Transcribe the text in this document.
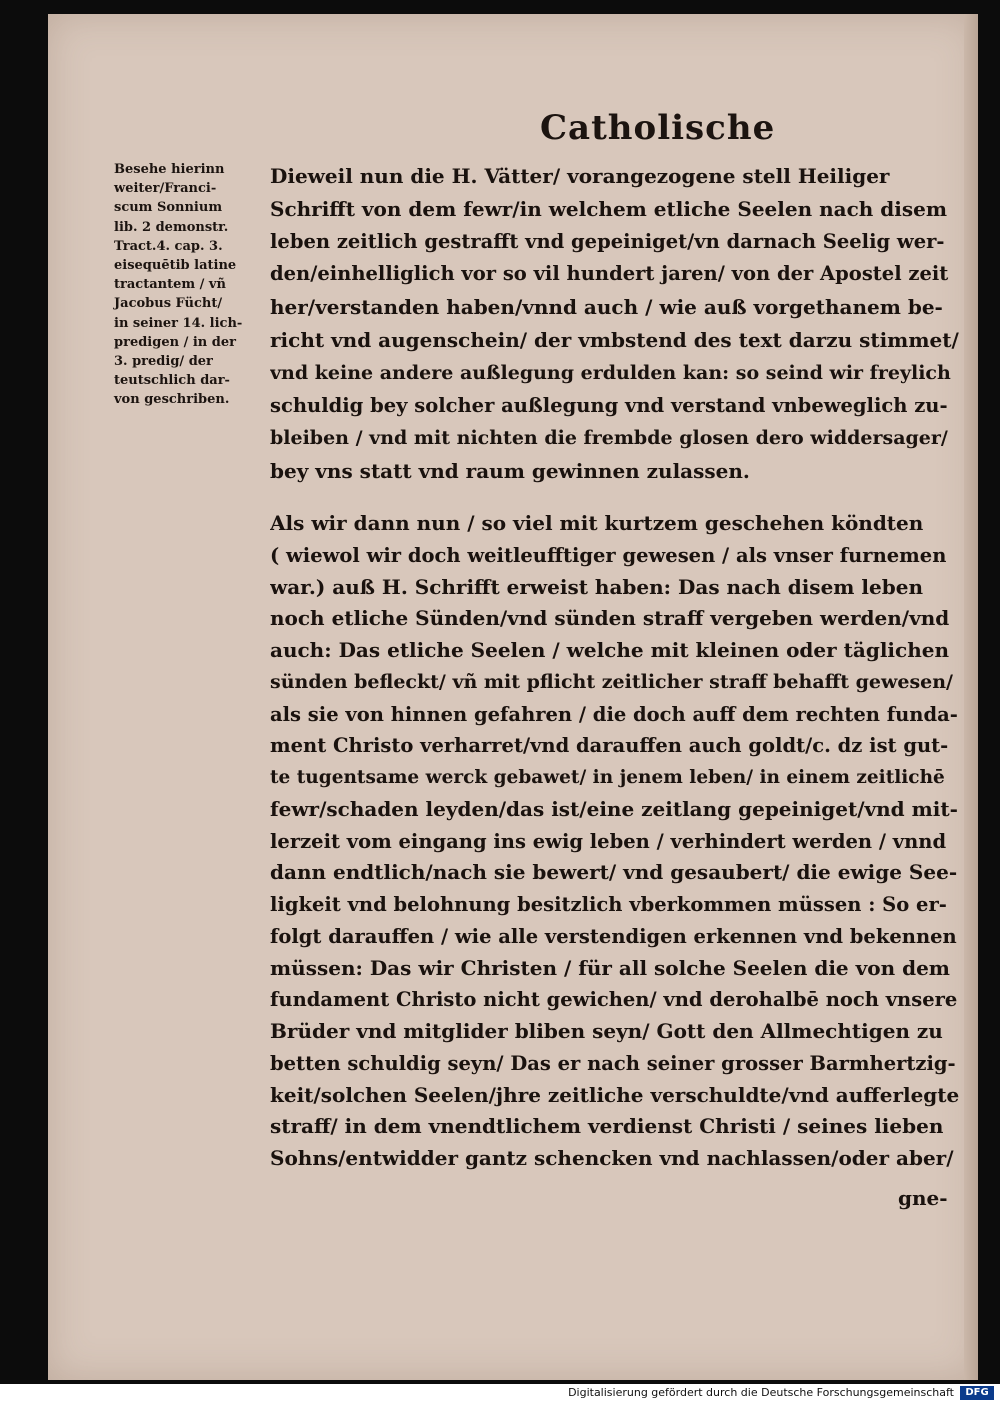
Catholische
Besehe hierinn
weiter/Franci-
scum Sonnium
lib. 2 demonstr.
Tract.4. cap. 3.
eisequētib latine
tractantem / vñ
Jacobus Fücht/
in seiner 14. lich-
predigen / in der
3. predig/ der
teutschlich dar-
von geschriben.
Dieweil nun die H. Vätter/ vorangezogene stell Heiliger
Schrifft von dem fewr/in welchem etliche Seelen nach disem
leben zeitlich gestrafft vnd gepeiniget/vn darnach Seelig wer-
den/einhelliglich vor so vil hundert jaren/ von der Apostel zeit
her/verstanden haben/vnnd auch / wie auß vorgethanem be-
richt vnd augenschein/ der vmbstend des text darzu stimmet/
vnd keine andere außlegung erdulden kan: so seind wir freylich
schuldig bey solcher außlegung vnd verstand vnbeweglich zu-
bleiben / vnd mit nichten die frembde glosen dero widdersager/
bey vns statt vnd raum gewinnen zulassen.
Als wir dann nun / so viel mit kurtzem geschehen köndten
( wiewol wir doch weitleufftiger gewesen / als vnser furnemen
war.) auß H. Schrifft erweist haben: Das nach disem leben
noch etliche Sünden/vnd sünden straff vergeben werden/vnd
auch: Das etliche Seelen / welche mit kleinen oder täglichen
sünden befleckt/ vñ mit pflicht zeitlicher straff behafft gewesen/
als sie von hinnen gefahren / die doch auff dem rechten funda-
ment Christo verharret/vnd darauffen auch goldt/c. dz ist gut-
te tugentsame werck gebawet/ in jenem leben/ in einem zeitlichē
fewr/schaden leyden/das ist/eine zeitlang gepeiniget/vnd mit-
lerzeit vom eingang ins ewig leben / verhindert werden / vnnd
dann endtlich/nach sie bewert/ vnd gesaubert/ die ewige See-
ligkeit vnd belohnung besitzlich vberkommen müssen : So er-
folgt darauffen / wie alle verstendigen erkennen vnd bekennen
müssen: Das wir Christen / für all solche Seelen die von dem
fundament Christo nicht gewichen/ vnd derohalbē noch vnsere
Brüder vnd mitglider bliben seyn/ Gott den Allmechtigen zu
betten schuldig seyn/ Das er nach seiner grosser Barmhertzig-
keit/solchen Seelen/jhre zeitliche verschuldte/vnd aufferlegte
straff/ in dem vnendtlichem verdienst Christi / seines lieben
Sohns/entwidder gantz schencken vnd nachlassen/oder aber/
gne-
Digitalisierung gefördert durch die Deutsche Forschungsgemeinschaft	DFG
